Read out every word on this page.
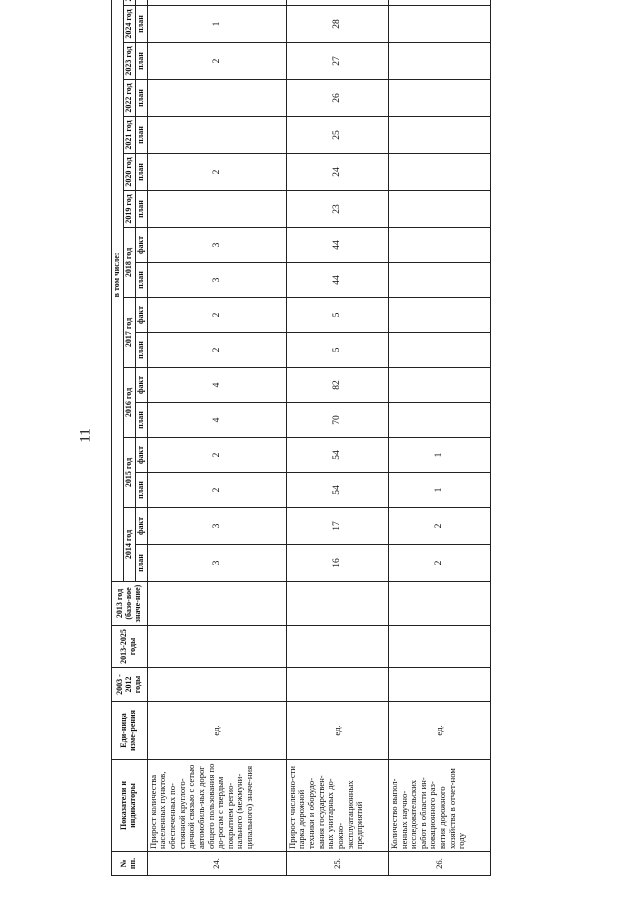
11
№ пп.	Показатели и индикаторы	Еди-ница изме-рения	2003 - 2012 годы	2013-2025 годы	2013 год (базо-вое значе-ние)	в том числе:																
						2014 год		2015 год		2016 год		2017 год		2018 год		2019 год	2020 год	2021 год	2022 год	2023 год	2024 год	
						план	факт	план	факт	план	факт	план	факт	план	факт	план	план	план	план	план	план	
24.	Прирост количества населенных пунктов, обеспеченных по-стоянной круглого-дичной связью с сетью автомобиль-ных дорог общего пользования по до-рогам с твердым покрытием регио-нального (межмуни-ципального) значе-ния	ед.				3	3	2	2	4	4	2	2	3	3		2			2	1	
25.	Прирост численно-сти парка дорожной техники и оборудо-вания государствен-ных унитарных до-рожно-эксплуатационных предприятий	ед.				16	17	54	54	70	82	5	5	44	44	23	24	25	26	27	28	
26.	Количество выпол-ненных научно-исследовательских работ в области ин-новационного раз-вития дорожного хозяйства в отчет-ном году	ед.				2	2	1	1													
